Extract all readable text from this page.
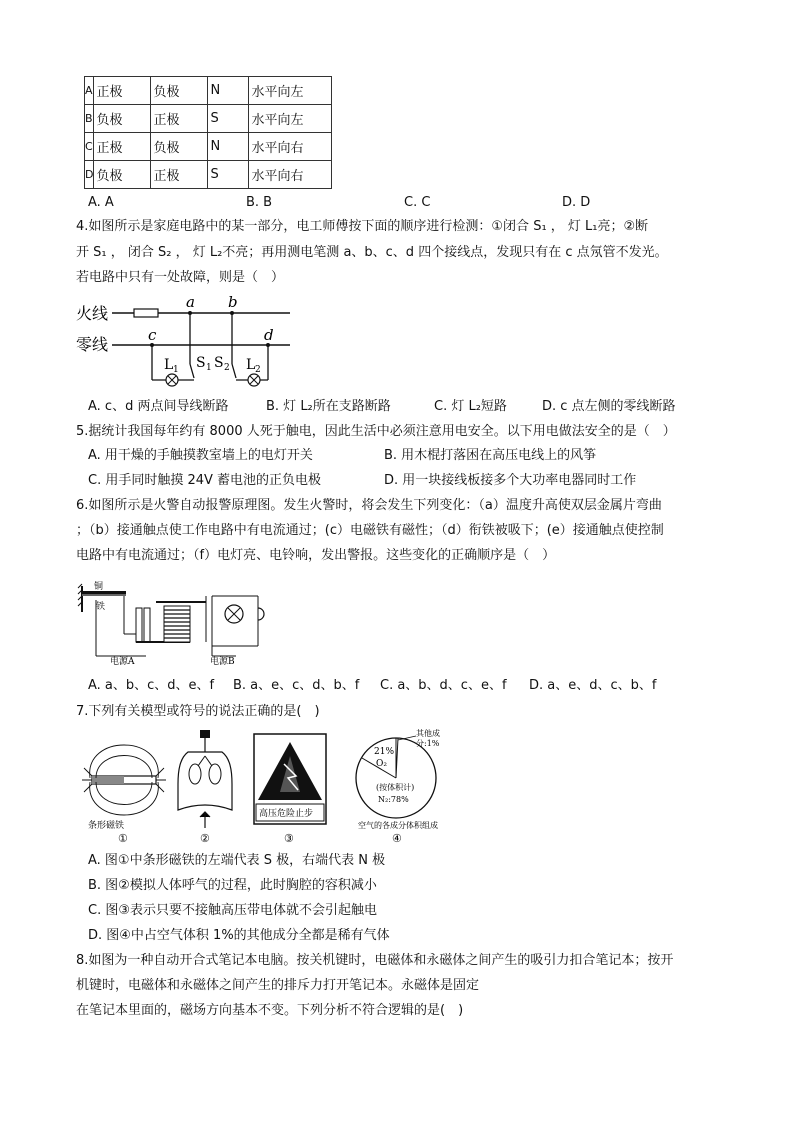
A	正极	负极	N	水平向左
B	负极	正极	S	水平向左
C	正极	负极	N	水平向右
D	负极	正极	S	水平向右
A. A	B. B	C. C	D. D
4.如图所示是家庭电路中的某一部分，电工师傅按下面的顺序进行检测：①闭合 S₁ ， 灯 L₁亮；②断
开 S₁ ， 闭合 S₂ ， 灯 L₂不亮；再用测电笔测 a、b、c、d 四个接线点，发现只有在 c 点氖管不发光。
若电路中只有一处故障，则是（　）
火线
零线
a b
c	d
L 1 S 1 S 2 L 2
A. c、d 两点间导线断路	B. 灯 L₂所在支路断路	C. 灯 L₂短路	D. c 点左侧的零线断路
5.据统计我国每年约有 8000 人死于触电，因此生活中必须注意用电安全。以下用电做法安全的是（　）
A. 用干燥的手触摸教室墙上的电灯开关	B. 用木棍打落困在高压电线上的风筝
C. 用手同时触摸 24V 蓄电池的正负电极	D. 用一块接线板接多个大功率电器同时工作
6.如图所示是火警自动报警原理图。发生火警时，将会发生下列变化：（a）温度升高使双层金属片弯曲
；（b）接通触点使工作电路中有电流通过；(c）电磁铁有磁性；（d）衔铁被吸下；(e）接通触点使控制
电路中有电流通过；（f）电灯亮、电铃响，发出警报。这些变化的正确顺序是（　）
铜
铁
电源A	电源B
A. a、b、c、d、e、f B. a、e、c、d、b、f C. a、b、d、c、e、f D. a、e、d、c、b、f
7.下列有关模型或符号的说法正确的是(　)
条形磁铁
①	②
高压危险止步
③
21%
O₂
(按体积计)
N₂:78%
其他成
分:1%
空气的各成分体积组成
④
A. 图①中条形磁铁的左端代表 S 极，右端代表 N 极
B. 图②模拟人体呼气的过程，此时胸腔的容积减小
C. 图③表示只要不接触高压带电体就不会引起触电
D. 图④中占空气体积 1%的其他成分全都是稀有气体
8.如图为一种自动开合式笔记本电脑。按关机键时，电磁体和永磁体之间产生的吸引力扣合笔记本；按开
机键时，电磁体和永磁体之间产生的排斥力打开笔记本。永磁体是固定
在笔记本里面的，磁场方向基本不变。下列分析不符合逻辑的是(　)
